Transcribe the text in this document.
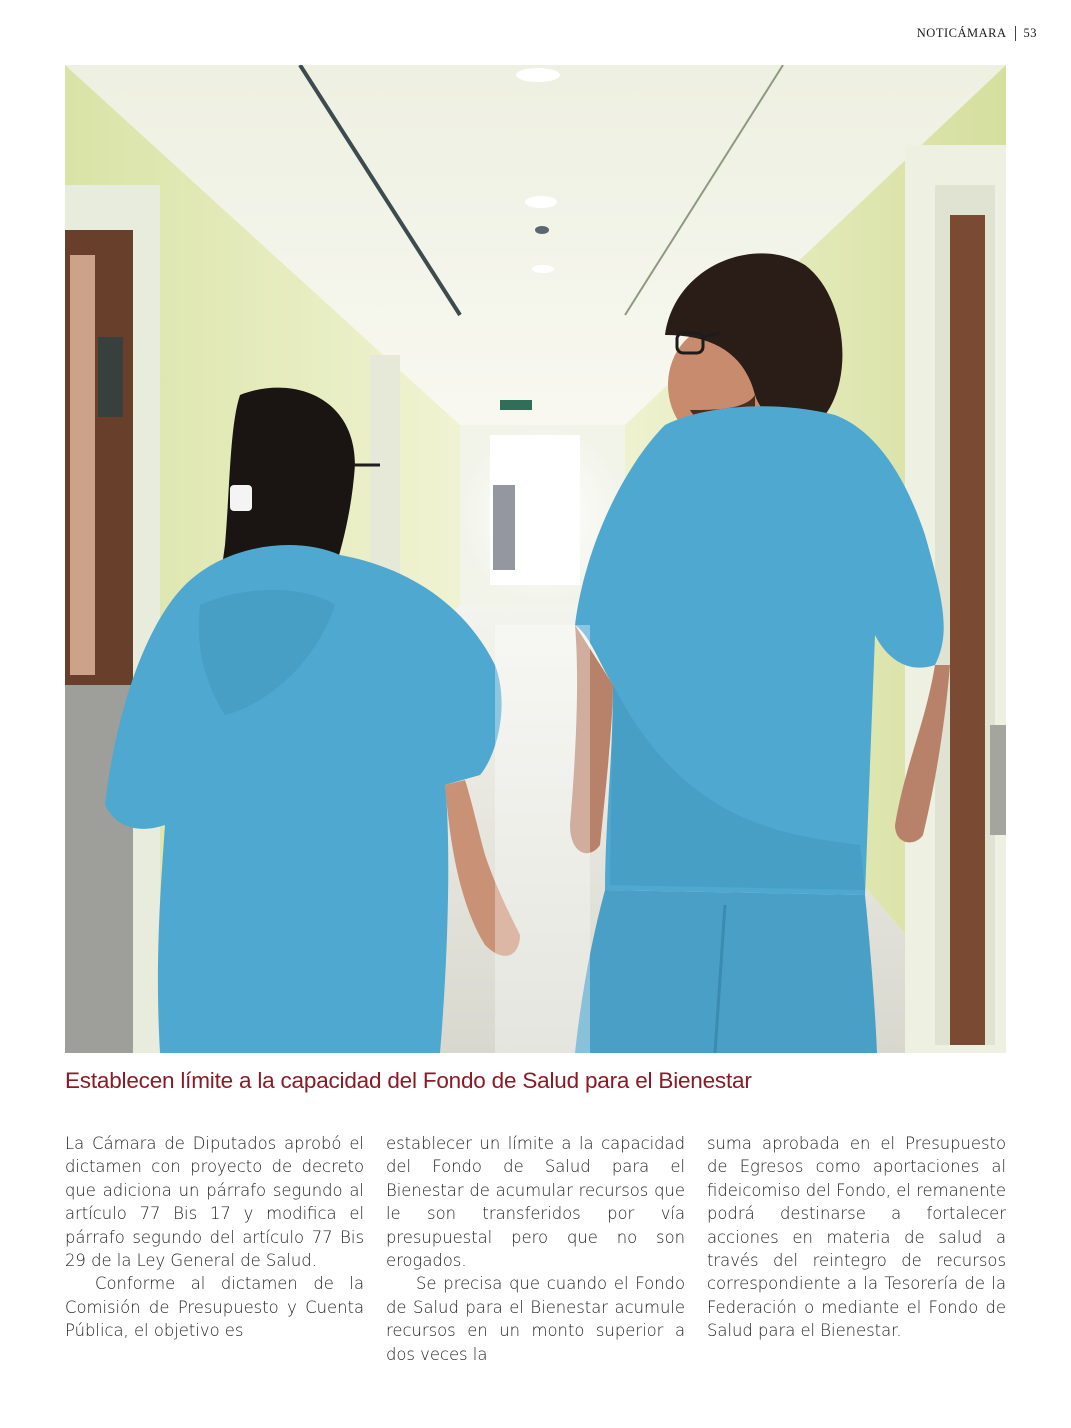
NOTICÁMARA 53
Establecen límite a la capacidad del Fondo de Salud para el Bienestar

La Cámara de Diputados aprobó el dictamen con proyecto de decreto que adiciona un párrafo segundo al artículo 77 Bis 17 y modifica el párrafo segundo del artículo 77 Bis 29 de la Ley General de Salud.

Conforme al dictamen de la Comisión de Presupuesto y Cuenta Pública, el objetivo es

establecer un límite a la capacidad del Fondo de Salud para el Bienestar de acumular recursos que le son transferidos por vía presupuestal pero que no son erogados.

Se precisa que cuando el Fondo de Salud para el Bienestar acumule recursos en un monto superior a dos veces la

suma aprobada en el Presupuesto de Egresos como aportaciones al fideicomiso del Fondo, el remanente podrá destinarse a fortalecer acciones en materia de salud a través del reintegro de recursos correspondiente a la Tesorería de la Federación o mediante el Fondo de Salud para el Bienestar.
